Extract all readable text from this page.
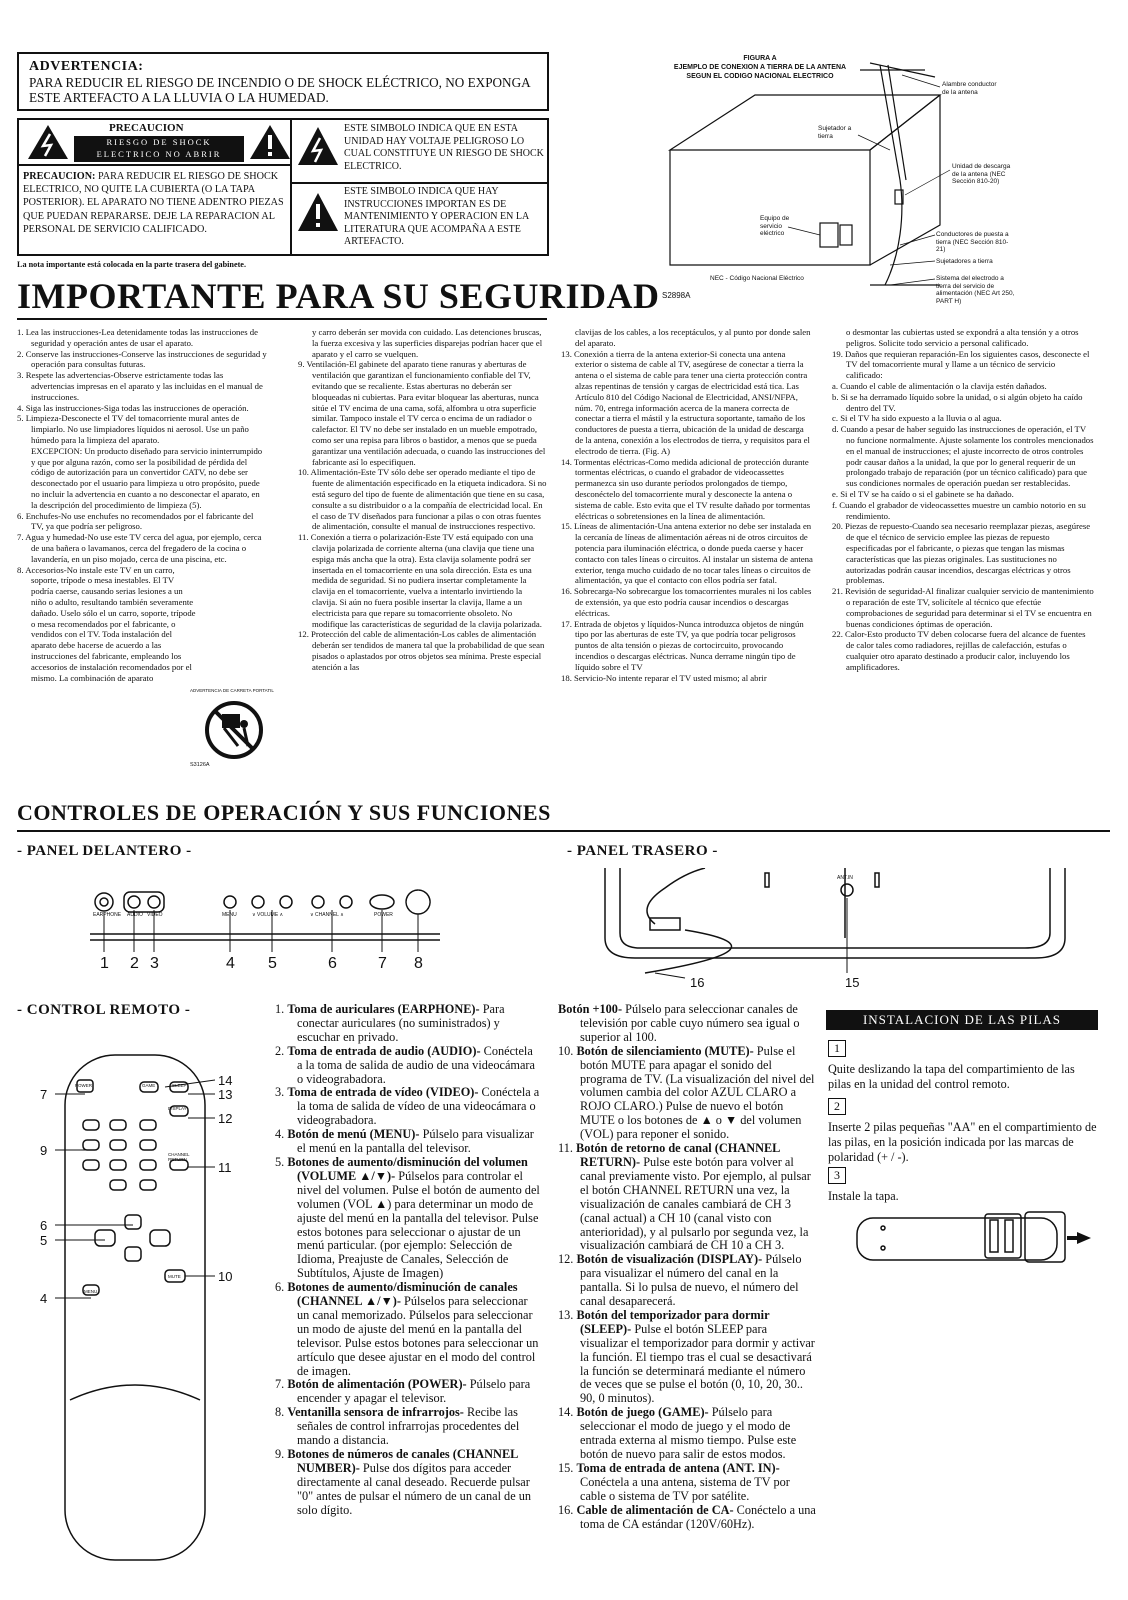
ADVERTENCIA:
PARA REDUCIR EL RIESGO DE INCENDIO O DE SHOCK ELÉCTRICO, NO EXPONGA ESTE ARTEFACTO A LA LLUVIA O LA HUMEDAD.
PRECAUCION
RIESGO DE SHOCK
ELECTRICO NO ABRIR
PRECAUCION: PARA REDUCIR EL RIESGO DE SHOCK ELECTRICO, NO QUITE LA CUBIERTA (O LA TAPA POSTERIOR). EL APARATO NO TIENE ADENTRO PIEZAS QUE PUEDAN REPARARSE. DEJE LA REPARACION AL PERSONAL DE SERVICIO CALIFICADO.
ESTE SIMBOLO INDICA QUE EN ESTA UNIDAD HAY VOLTAJE PELIGROSO LO CUAL CONSTITUYE UN RIESGO DE SHOCK ELECTRICO.
ESTE SIMBOLO INDICA QUE HAY INSTRUCCIONES IMPORTAN ES DE MANTENIMIENTO Y OPERACION EN LA LITERATURA QUE ACOMPAÑA A ESTE ARTEFACTO.
La nota importante está colocada en la parte trasera del gabinete.
IMPORTANTE PARA SU SEGURIDAD
FIGURA A
EJEMPLO DE CONEXION A TIERRA DE LA ANTENA
SEGUN EL CODIGO NACIONAL ELECTRICO
Alambre conductor de la antena
Sujetador a tierra
Unidad de descarga de la antena (NEC Sección 810-20)
Equipo de servicio eléctrico	Conductores de puesta a tierra (NEC Sección 810-21)
Sujetadores a tierra
NEC - Código Nacional Eléctrico	Sistema del electrodo a tierra del servicio de alimentación (NEC Art 250, PART H)
S2898A
1. Lea las instrucciones-Lea detenidamente todas las instrucciones de seguridad y operación antes de usar el aparato.
2. Conserve las instrucciones-Conserve las instrucciones de seguridad y operación para consultas futuras.
3. Respete las advertencias-Observe estrictamente todas las advertencias impresas en el aparato y las incluidas en el manual de instrucciones.
4. Siga las instrucciones-Siga todas las instrucciones de operación.
5. Limpieza-Desconecte el TV del tomacorriente mural antes de limpiarlo. No use limpiadores líquidos ni aerosol. Use un paño húmedo para la limpieza del aparato.
EXCEPCION: Un producto diseñado para servicio ininterrumpido y que por alguna razón, como ser la posibilidad de pérdida del código de autorización para un convertidor CATV, no debe ser desconectado por el usuario para limpieza u otro propósito, puede no incluir la advertencia en cuanto a no desconectar el aparato, en la descripción del procedimiento de limpieza (5).
6. Enchufes-No use enchufes no recomendados por el fabricante del TV, ya que podría ser peligroso.
7. Agua y humedad-No use este TV cerca del agua, por ejemplo, cerca de una bañera o lavamanos, cerca del fregadero de la cocina o lavandería, en un piso mojado, cerca de una piscina, etc.
8. Accesorios-No instale este TV en un carro, soporte, trípode o mesa inestables. El TV podría caerse, causando serias lesiones a un niño o adulto, resultando también severamente dañado. Uselo sólo el un carro, soporte, trípode o mesa recomendados por el fabricante, o vendidos con el TV. Toda instalación del aparato debe hacerse de acuerdo a las instrucciones del fabricante, empleando los accesorios de instalación recomendados por el mismo. La combinación de aparato
ADVERTENCIA DE CARRETA PORTATIL
S3126A
y carro deberán ser movida con cuidado. Las detenciones bruscas, la fuerza excesiva y las superficies disparejas podrían hacer que el aparato y el carro se vuelquen.
9. Ventilación-El gabinete del aparato tiene ranuras y aberturas de ventilación que garantizan el funcionamiento confiable del TV, evitando que se recaliente. Estas aberturas no deberán ser bloqueadas ni cubiertas. Para evitar bloquear las aberturas, nunca sitúe el TV encima de una cama, sofá, alfombra u otra superficie similar. Tampoco instale el TV cerca o encima de un radiador o calefactor. El TV no debe ser instalado en un mueble empotrado, como ser una repisa para libros o bastidor, a menos que se pueda garantizar una ventilación adecuada, o cuando las instrucciones del fabricante así lo especifiquen.
10. Alimentación-Este TV sólo debe ser operado mediante el tipo de fuente de alimentación especificado en la etiqueta indicadora. Si no está seguro del tipo de fuente de alimentación que tiene en su casa, consulte a su distribuidor o a la compañía de electricidad local. En el caso de TV diseñados para funcionar a pilas o con otras fuentes de alimentación, consulte el manual de instrucciones respectivo.
11. Conexión a tierra o polarización-Este TV está equipado con una clavija polarizada de corriente alterna (una clavija que tiene una espiga más ancha que la otra). Esta clavija solamente podrá ser insertada en el tomacorriente en una sola dirección. Esta es una medida de seguridad. Si no pudiera insertar completamente la clavija en el tomacorriente, vuelva a intentarlo invirtiendo la clavija. Si aún no fuera posible insertar la clavija, llame a un electricista para que repare su tomacorriente obsoleto. No modifique las características de seguridad de la clavija polarizada.
12. Protección del cable de alimentación-Los cables de alimentación deberán ser tendidos de manera tal que la probabilidad de que sean pisados o aplastados por otros objetos sea mínima. Preste especial atención a las
clavijas de los cables, a los receptáculos, y al punto por donde salen del aparato.
13. Conexión a tierra de la antena exterior-Si conecta una antena exterior o sistema de cable al TV, asegúrese de conectar a tierra la antena o el sistema de cable para tener una cierta protección contra alzas repentinas de tensión y cargas de electricidad está tica. Las Artículo 810 del Código Nacional de Electricidad, ANSI/NFPA, núm. 70, entrega información acerca de la manera correcta de conectar a tierra el mástil y la estructura soportante, tamaño de los conductores de puesta a tierra, ubicación de la unidad de descarga de la antena, conexión a los electrodos de tierra, y requisitos para el electrodo de tierra. (Fig. A)
14. Tormentas eléctricas-Como medida adicional de protección durante tormentas eléctricas, o cuando el grabador de videocassettes permanezca sin uso durante períodos prolongados de tiempo, desconéctelo del tomacorriente mural y desconecte la antena o sistema de cable. Esto evita que el TV resulte dañado por tormentas eléctricas o sobretensiones en la línea de alimentación.
15. Líneas de alimentación-Una antena exterior no debe ser instalada en la cercanía de líneas de alimentación aéreas ni de otros circuitos de potencia para iluminación eléctrica, o donde pueda caerse y hacer contacto con tales líneas o circuitos. Al instalar un sistema de antena exterior, tenga mucho cuidado de no tocar tales líneas o circuitos de alimentación, ya que el contacto con ellos podría ser fatal.
16. Sobrecarga-No sobrecargue los tomacorrientes murales ni los cables de extensión, ya que esto podría causar incendios o descargas eléctricas.
17. Entrada de objetos y líquidos-Nunca introduzca objetos de ningún tipo por las aberturas de este TV, ya que podría tocar peligrosos puntos de alta tensión o piezas de cortocircuito, provocando incendios o descargas eléctricas. Nunca derrame ningún tipo de líquido sobre el TV
18. Servicio-No intente reparar el TV usted mismo; al abrir
o desmontar las cubiertas usted se expondrá a alta tensión y a otros peligros. Solicite todo servicio a personal calificado.
19. Daños que requieran reparación-En los siguientes casos, desconecte el TV del tomacorriente mural y llame a un técnico de servicio calificado:
a. Cuando el cable de alimentación o la clavija estén dañados.
b. Si se ha derramado líquido sobre la unidad, o si algún objeto ha caído dentro del TV.
c. Si el TV ha sido expuesto a la lluvia o al agua.
d. Cuando a pesar de haber seguido las instrucciones de operación, el TV no funcione normalmente. Ajuste solamente los controles mencionados en el manual de instrucciones; el ajuste incorrecto de otros controles podr causar daños a la unidad, la que por lo general requerir de un prolongado trabajo de reparación (por un técnico calificado) para que sus condiciones normales de operación puedan ser restablecidas.
e. Si el TV se ha caído o si el gabinete se ha dañado.
f. Cuando el grabador de videocassettes muestre un cambio notorio en su rendimiento.
20. Piezas de repuesto-Cuando sea necesario reemplazar piezas, asegúrese de que el técnico de servicio emplee las piezas de repuesto especificadas por el fabricante, o piezas que tengan las mismas características que las piezas originales. Las sustituciones no autorizadas podrán causar incendios, descargas eléctricas y otros problemas.
21. Revisión de seguridad-Al finalizar cualquier servicio de mantenimiento o reparación de este TV, solicítele al técnico que efectúe comprobaciones de seguridad para determinar si el TV se encuentra en buenas condiciones óptimas de operación.
22. Calor-Esto producto TV deben colocarse fuera del alcance de fuentes de calor tales como radiadores, rejillas de calefacción, estufas o cualquier otro aparato destinado a producir calor, incluyendo los amplificadores.
CONTROLES DE OPERACIÓN Y SUS FUNCIONES
- PANEL DELANTERO -	- PANEL TRASERO -
EARPHONE AUDIO VIDEO	MENU	∨ VOLUME ∧	∨ CHANNEL ∧	POWER
1 2 3	4 5	6	7 8
ANT.IN
16	15
- CONTROL REMOTO -
POWER	GAME	SLEEP
DISPLAY
CHANNEL RETURN
MUTE
MENU
7
9
6
5
4
14
13
12
11
10
1. Toma de auriculares (EARPHONE)- Para conectar auriculares (no suministrados) y escuchar en privado.
2. Toma de entrada de audio (AUDIO)- Conéctela a la toma de salida de audio de una videocámara o videograbadora.
3. Toma de entrada de vídeo (VIDEO)- Conéctela a la toma de salida de vídeo de una videocámara o videograbadora.
4. Botón de menú (MENU)- Púlselo para visualizar el menú en la pantalla del televisor.
5. Botones de aumento/disminución del volumen (VOLUME ▲/▼)- Púlselos para controlar el nivel del volumen. Pulse el botón de aumento del volumen (VOL ▲) para determinar un modo de ajuste del menú en la pantalla del televisor. Pulse estos botones para seleccionar o ajustar de un menú particular. (por ejemplo: Selección de Idioma, Preajuste de Canales, Selección de Subtítulos, Ajuste de Imagen)
6. Botones de aumento/disminución de canales (CHANNEL ▲/▼)- Púlselos para seleccionar un canal memorizado. Púlselos para seleccionar un modo de ajuste del menú en la pantalla del televisor. Pulse estos botones para seleccionar un artículo que desee ajustar en el modo del control de imagen.
7. Botón de alimentación (POWER)- Púlselo para encender y apagar el televisor.
8. Ventanilla sensora de infrarrojos- Recibe las señales de control infrarrojas procedentes del mando a distancia.
9. Botones de números de canales (CHANNEL NUMBER)- Pulse dos dígitos para acceder directamente al canal deseado. Recuerde pulsar "0" antes de pulsar el número de un canal de un solo dígito.
Botón +100- Púlselo para seleccionar canales de televisión por cable cuyo número sea igual o superior al 100.
10. Botón de silenciamiento (MUTE)- Pulse el botón MUTE para apagar el sonido del programa de TV. (La visualización del nivel del volumen cambia del color AZUL CLARO a ROJO CLARO.) Pulse de nuevo el botón MUTE o los botones de ▲ o ▼ del volumen (VOL) para reponer el sonido.
11. Botón de retorno de canal (CHANNEL RETURN)- Pulse este botón para volver al canal previamente visto. Por ejemplo, al pulsar el botón CHANNEL RETURN una vez, la visualización de canales cambiará de CH 3 (canal actual) a CH 10 (canal visto con anterioridad), y al pulsarlo por segunda vez, la visualización cambiará de CH 10 a CH 3.
12. Botón de visualización (DISPLAY)- Púlselo para visualizar el número del canal en la pantalla. Si lo pulsa de nuevo, el número del canal desaparecerá.
13. Botón del temporizador para dormir (SLEEP)- Pulse el botón SLEEP para visualizar el temporizador para dormir y activar la función. El tiempo tras el cual se desactivará la función se determinará mediante el número de veces que se pulse el botón (0, 10, 20, 30.. 90, 0 minutos).
14. Botón de juego (GAME)- Púlselo para seleccionar el modo de juego y el modo de entrada externa al mismo tiempo. Pulse este botón de nuevo para salir de estos modos.
15. Toma de entrada de antena (ANT. IN)- Conéctela a una antena, sistema de TV por cable o sistema de TV por satélite.
16. Cable de alimentación de CA- Conéctelo a una toma de CA estándar (120V/60Hz).
INSTALACION DE LAS PILAS
1
Quite deslizando la tapa del compartimiento de las pilas en la unidad del control remoto.
2
Inserte 2 pilas pequeñas "AA" en el compartimiento de las pilas, en la posición indicada por las marcas de polaridad (+ / -).
3
Instale la tapa.
